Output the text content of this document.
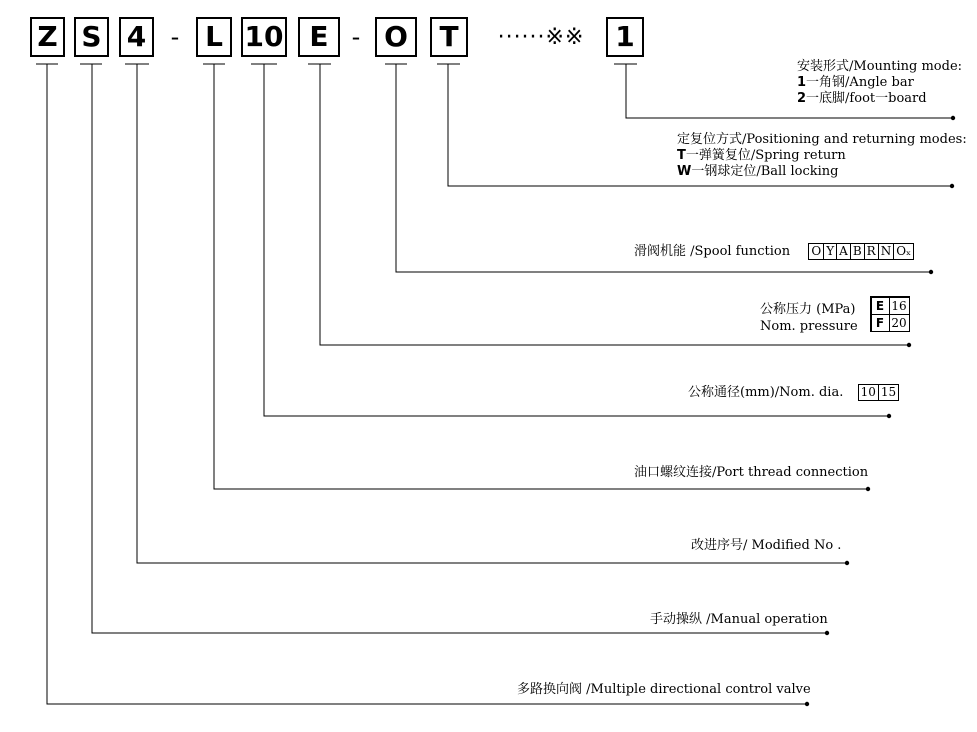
Z S 4 - L 10 E - O T ······※※ 1
安装形式/Mounting mode:
1一角钢/Angle bar
2一底脚/foot一board
定复位方式/Positioning and returning modes:
T一弹簧复位/Spring return
W一钢球定位/Ball locking
滑阀机能 /Spool function O Y A B R N Oₓ
公称压力 (MPa)
Nom. pressure
E 16
F 20
公称通径(mm)/Nom. dia. 10 15
油口螺纹连接/Port thread connection
改进序号/ Modified No .
手动操纵 /Manual operation
多路换向阀 /Multiple directional control valve
